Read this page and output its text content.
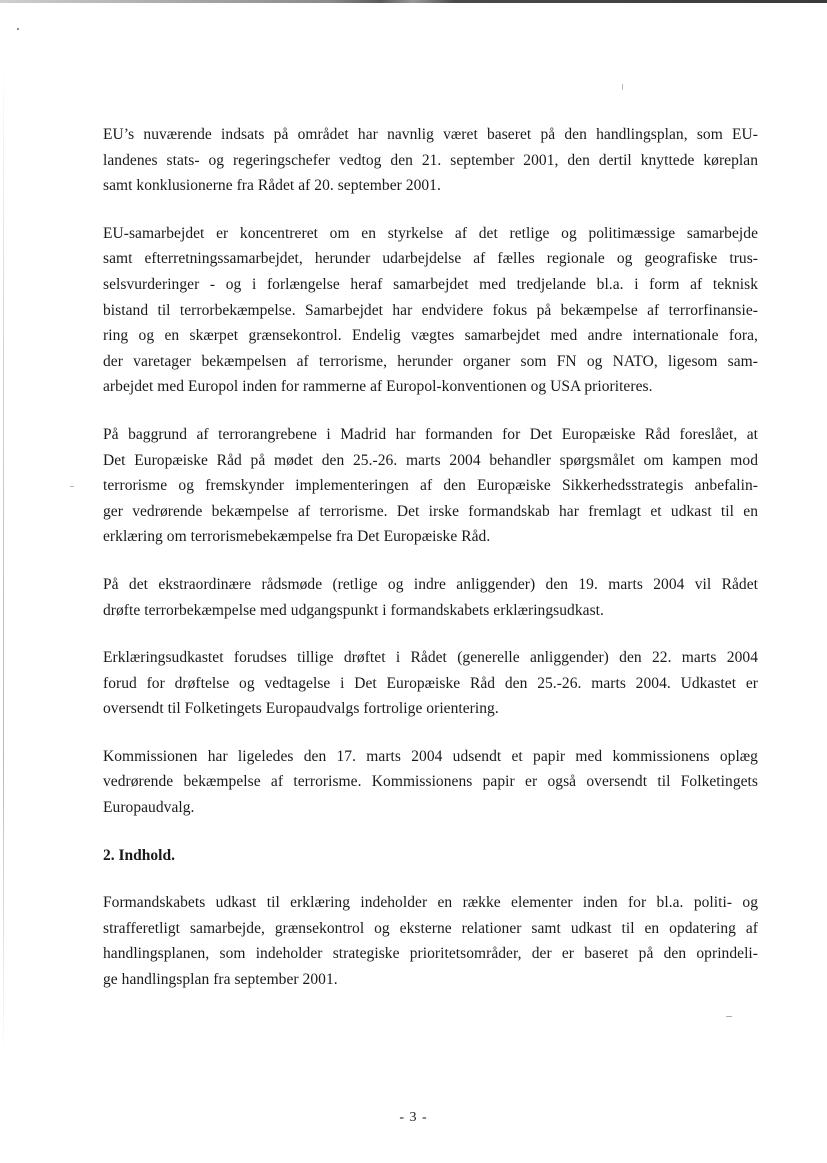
EU’s nuværende indsats på området har navnlig været baseret på den handlingsplan, som EU-
landenes stats- og regeringschefer vedtog den 21. september 2001, den dertil knyttede køreplan
samt konklusionerne fra Rådet af 20. september 2001.

EU-samarbejdet er koncentreret om en styrkelse af det retlige og politimæssige samarbejde
samt efterretningssamarbejdet, herunder udarbejdelse af fælles regionale og geografiske trus-
selsvurderinger - og i forlængelse heraf samarbejdet med tredjelande bl.a. i form af teknisk
bistand til terrorbekæmpelse. Samarbejdet har endvidere fokus på bekæmpelse af terrorfinansie-
ring og en skærpet grænsekontrol. Endelig vægtes samarbejdet med andre internationale fora,
der varetager bekæmpelsen af terrorisme, herunder organer som FN og NATO, ligesom sam-
arbejdet med Europol inden for rammerne af Europol-konventionen og USA prioriteres.

På baggrund af terrorangrebene i Madrid har formanden for Det Europæiske Råd foreslået, at
Det Europæiske Råd på mødet den 25.-26. marts 2004 behandler spørgsmålet om kampen mod
terrorisme og fremskynder implementeringen af den Europæiske Sikkerhedsstrategis anbefalin-
ger vedrørende bekæmpelse af terrorisme. Det irske formandskab har fremlagt et udkast til en
erklæring om terrorismebekæmpelse fra Det Europæiske Råd.

På det ekstraordinære rådsmøde (retlige og indre anliggender) den 19. marts 2004 vil Rådet
drøfte terrorbekæmpelse med udgangspunkt i formandskabets erklæringsudkast.

Erklæringsudkastet forudses tillige drøftet i Rådet (generelle anliggender) den 22. marts 2004
forud for drøftelse og vedtagelse i Det Europæiske Råd den 25.-26. marts 2004. Udkastet er
oversendt til Folketingets Europaudvalgs fortrolige orientering.

Kommissionen har ligeledes den 17. marts 2004 udsendt et papir med kommissionens oplæg
vedrørende bekæmpelse af terrorisme. Kommissionens papir er også oversendt til Folketingets
Europaudvalg.

2. Indhold.

Formandskabets udkast til erklæring indeholder en række elementer inden for bl.a. politi- og
strafferetligt samarbejde, grænsekontrol og eksterne relationer samt udkast til en opdatering af
handlingsplanen, som indeholder strategiske prioritetsområder, der er baseret på den oprindeli-
ge handlingsplan fra september 2001.

- 3 -
